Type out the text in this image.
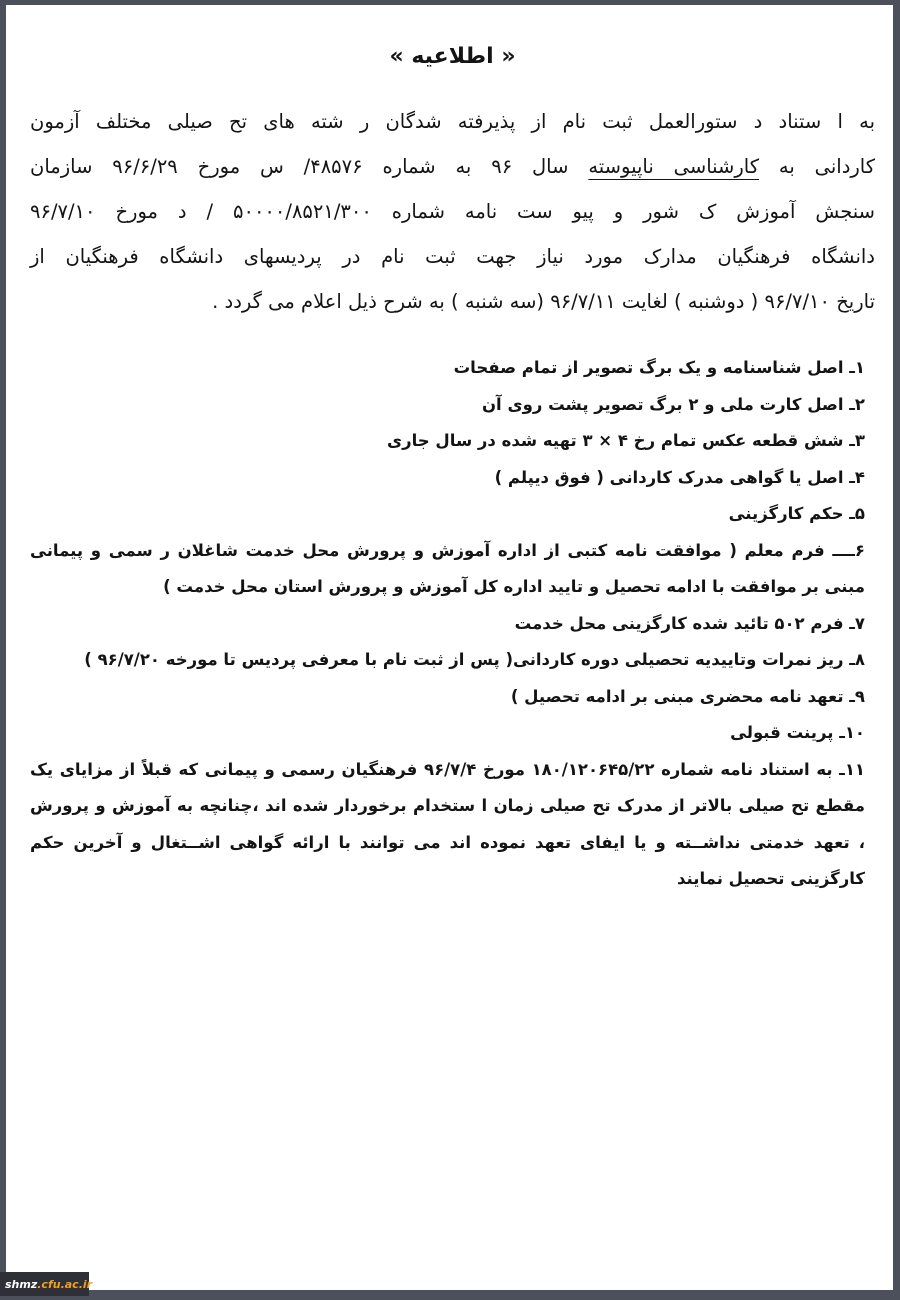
« اطلاعیه »

به ا ستناد د ستورالعمل ثبت نام از پذیرفته شدگان ر شته های تح صیلی مختلف آزمون

کاردانی به کارشناسی ناپیوسته سال ۹۶ به شماره ۴۸۵۷۶/ س مورخ ۹۶/۶/۲۹ سازمان

سنجش آموزش ک شور و پیو ست نامه شماره ۵۰۰۰۰/۸۵۲۱/۳۰۰ / د مورخ ۹۶/۷/۱۰

دانشگاه فرهنگیان مدارک مورد نیاز جهت ثبت نام در پردیسهای دانشگاه فرهنگیان از

تاریخ ۹۶/۷/۱۰ ( دوشنبه ) لغایت ۹۶/۷/۱۱ (سه شنبه ) به شرح ذیل اعلام می گردد .

۱ـ اصل شناسنامه و یک برگ تصویر از تمام صفحات

۲ـ اصل کارت ملی و ۲ برگ تصویر پشت روی آن

۳ـ شش قطعه عکس تمام رخ ۴ × ۳ تهیه شده در سال جاری

۴ـ اصل یا گواهی مدرک کاردانی ( فوق دیپلم )

۵ـ حکم کارگزینی

۶ــــ فرم معلم ( موافقت نامه کتبی از اداره آموزش و پرورش محل خدمت شاغلان ر سمی و پیمانی مبنی بر موافقت با ادامه تحصیل و تایید اداره کل آموزش و پرورش استان محل خدمت )

۷ـ فرم ۵۰۲ تائید شده کارگزینی محل خدمت

۸ـ ریز نمرات وتاییدیه تحصیلی دوره کاردانی( پس از ثبت نام با معرفی پردیس تا مورخه ۹۶/۷/۲۰ )

۹ـ تعهد نامه محضری مبنی بر ادامه تحصیل )

۱۰ـ پرینت قبولی

۱۱ـ به استناد نامه شماره ۱۸۰/۱۲۰۶۴۵/۲۲ مورخ ۹۶/۷/۴ فرهنگیان رسمی و پیمانی که قبلاً از مزایای یک مقطع تح صیلی بالاتر از مدرک تح صیلی زمان ا ستخدام برخوردار شده اند ،چنانچه به آموزش و پرورش ، تعهد خدمتی نداشــته و یا ایفای تعهد نموده اند می توانند با ارائه گواهی اشــتغال و آخرین حکم کارگزینی تحصیل نمایند

shmz .cfu.ac.ir
